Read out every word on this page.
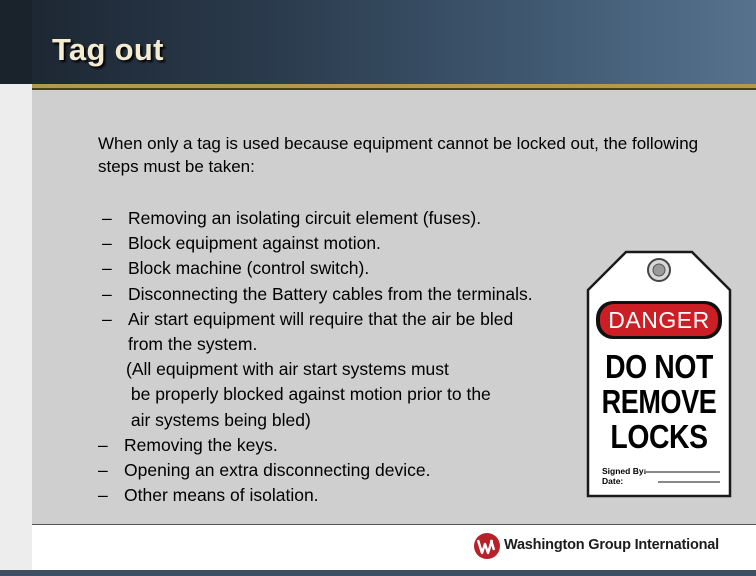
Tag out
When only a tag is used because equipment cannot be locked out, the following steps must be taken:
– Removing an isolating circuit element (fuses).
– Block equipment against motion.
– Block machine (control switch).
– Disconnecting the Battery cables from the terminals.
– Air start equipment will require that the air be bled
from the system.
(All equipment with air start systems must
be properly blocked against motion prior to the
air systems being bled)
– Removing the keys.
– Opening an extra disconnecting device.
– Other means of isolation.
DANGER
DO NOT
REMOVE
LOCKS
Signed By:
Date:
Washington Group International
